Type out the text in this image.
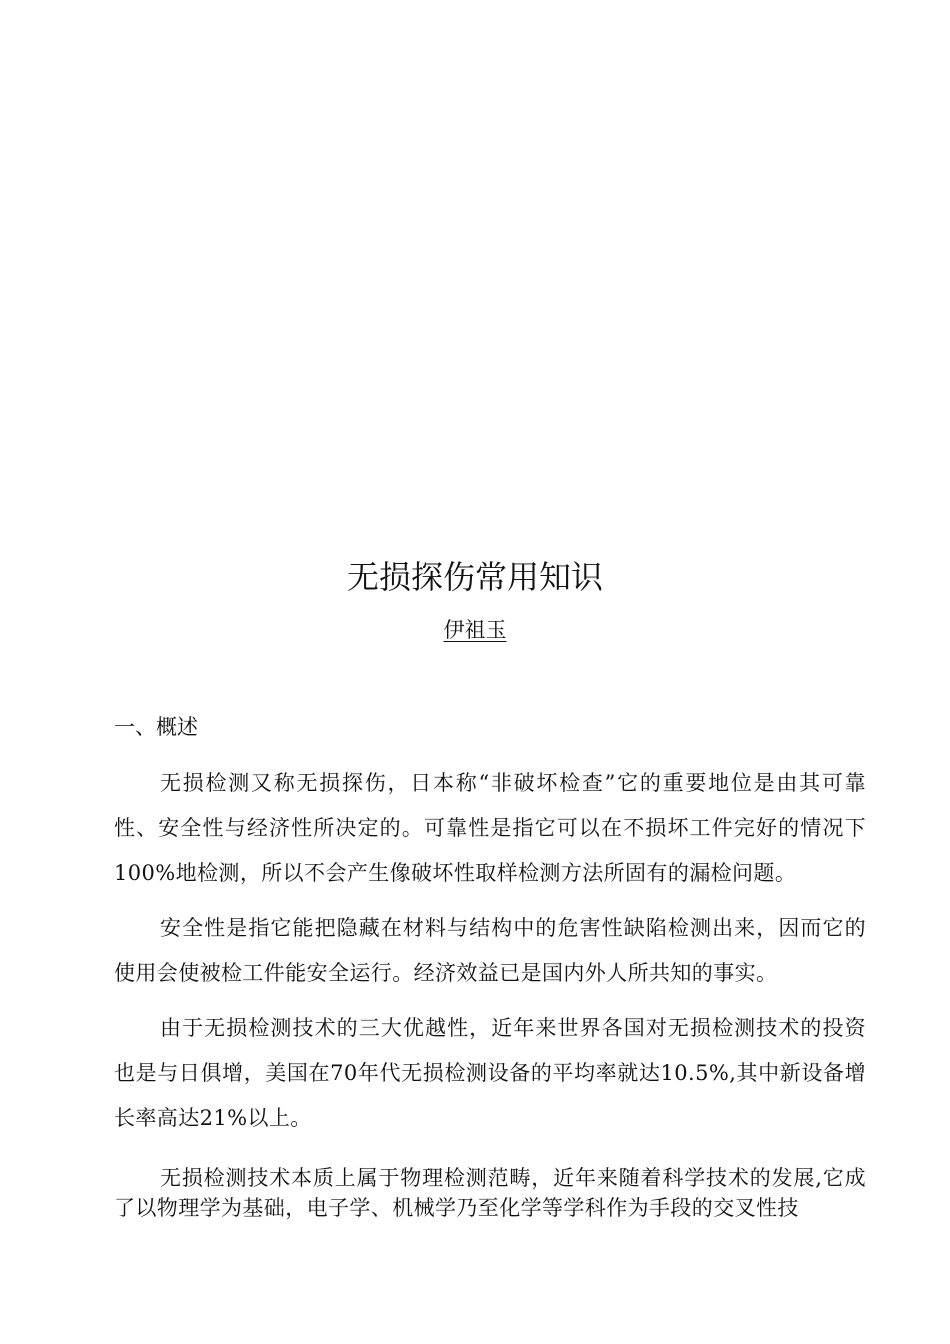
无损探伤常用知识
伊祖玉
一、概述

无损检测又称无损探伤，日本称“非破坏检查”它的重要地位是由其可靠性、安全性与经济性所决定的。可靠性是指它可以在不损坏工件完好的情况下100%地检测，所以不会产生像破坏性取样检测方法所固有的漏检问题。

安全性是指它能把隐藏在材料与结构中的危害性缺陷检测出来，因而它的使用会使被检工件能安全运行。经济效益已是国内外人所共知的事实。

由于无损检测技术的三大优越性，近年来世界各国对无损检测技术的投资也是与日俱增，美国在70年代无损检测设备的平均率就达10.5%,其中新设备增长率高达21%以上。

无损检测技术本质上属于物理检测范畴，近年来随着科学技术的发展,它成了以物理学为基础，电子学、机械学乃至化学等学科作为手段的交叉性技
